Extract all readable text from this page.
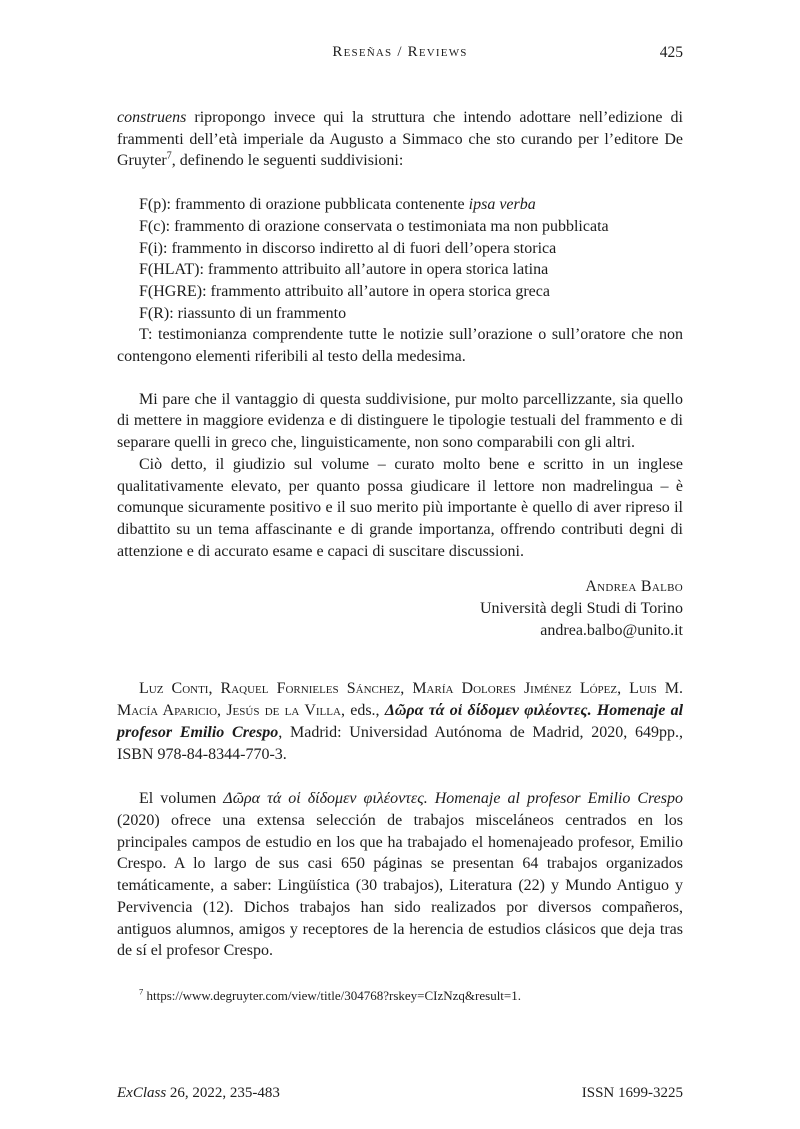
Reseñas / Reviews	425

construens ripropongo invece qui la struttura che intendo adottare nell’edizione di frammenti dell’età imperiale da Augusto a Simmaco che sto curando per l’editore De Gruyter$^7$, definendo le seguenti suddivisioni:

F(p): frammento di orazione pubblicata contenente ipsa verba

F(c): frammento di orazione conservata o testimoniata ma non pubblicata

F(i): frammento in discorso indiretto al di fuori dell’opera storica

F(HLAT): frammento attribuito all’autore in opera storica latina

F(HGRE): frammento attribuito all’autore in opera storica greca

F(R): riassunto di un frammento

T: testimonianza comprendente tutte le notizie sull’orazione o sull’oratore che non contengono elementi riferibili al testo della medesima.

Mi pare che il vantaggio di questa suddivisione, pur molto parcellizzante, sia quello di mettere in maggiore evidenza e di distinguere le tipologie testuali del frammento e di separare quelli in greco che, linguisticamente, non sono comparabili con gli altri.

Ciò detto, il giudizio sul volume – curato molto bene e scritto in un inglese qualitativamente elevato, per quanto possa giudicare il lettore non madrelingua – è comunque sicuramente positivo e il suo merito più importante è quello di aver ripreso il dibattito su un tema affascinante e di grande importanza, offrendo contributi degni di attenzione e di accurato esame e capaci di suscitare discussioni.

Andrea Balbo
Università degli Studi di Torino
andrea.balbo@unito.it

Luz Conti, Raquel Fornieles Sánchez, María Dolores Jiménez López, Luis M. Macía Aparicio, Jesús de la Villa, eds., Δῶρα τά οἱ δίδομεν φιλέοντες. Homenaje al profesor Emilio Crespo, Madrid: Universidad Autónoma de Madrid, 2020, 649pp., ISBN 978-84-8344-770-3.

El volumen Δῶρα τά οἱ δίδομεν φιλέοντες. Homenaje al profesor Emilio Crespo (2020) ofrece una extensa selección de trabajos misceláneos centrados en los principales campos de estudio en los que ha trabajado el homenajeado profesor, Emilio Crespo. A lo largo de sus casi 650 páginas se presentan 64 trabajos organizados temáticamente, a saber: Lingüística (30 trabajos), Literatura (22) y Mundo Antiguo y Pervivencia (12). Dichos trabajos han sido realizados por diversos compañeros, antiguos alumnos, amigos y receptores de la herencia de estudios clásicos que deja tras de sí el profesor Crespo.

$^7$ https://www.degruyter.com/view/title/304768?rskey=CIzNzq&result=1.

ExClass 26, 2022, 235-483	ISSN 1699-3225
